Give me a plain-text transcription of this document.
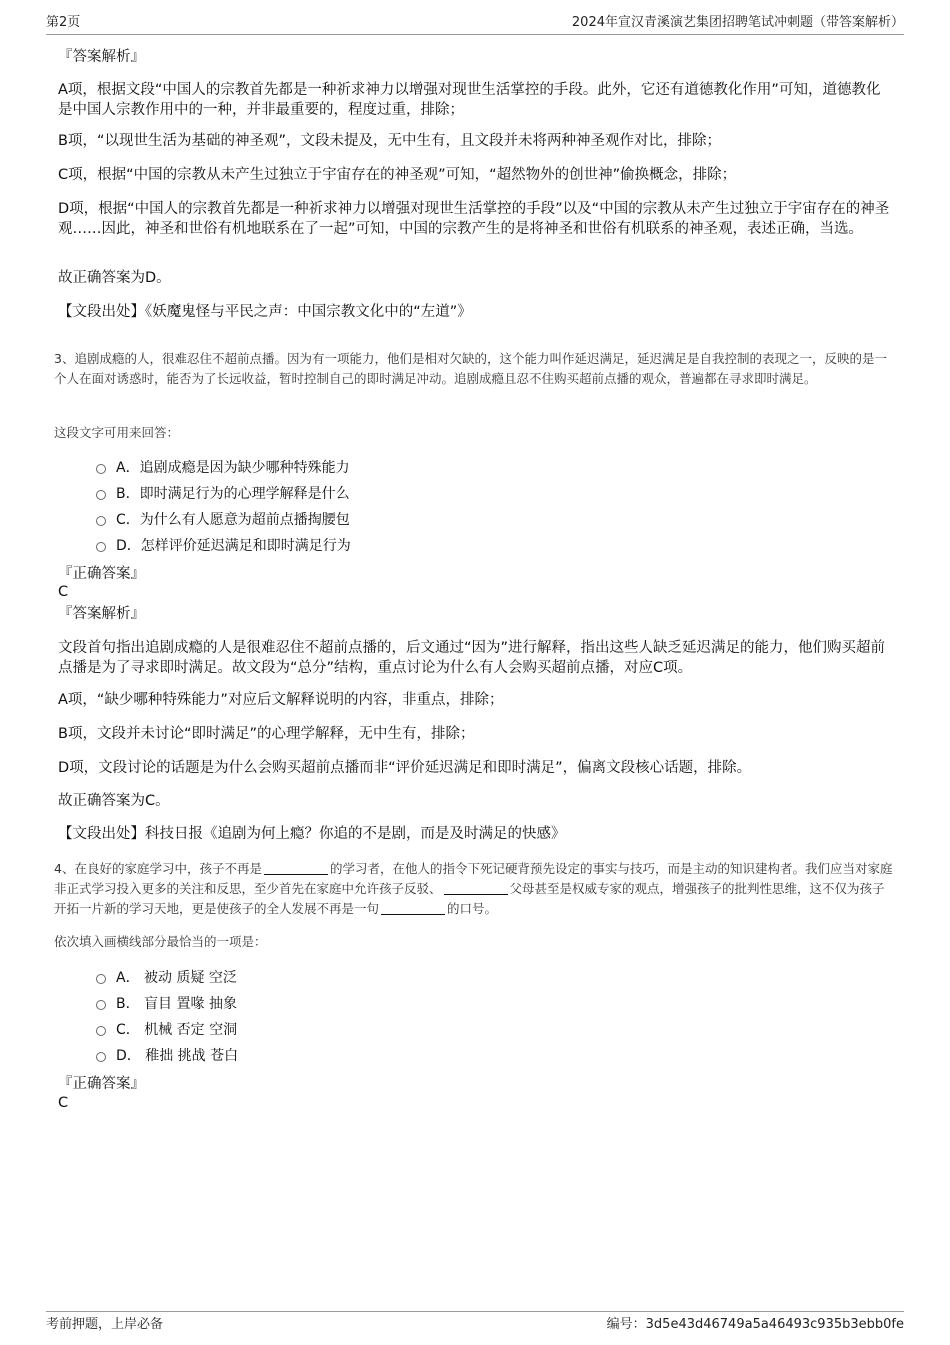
第2页	2024年宣汉青溪演艺集团招聘笔试冲刺题（带答案解析）
『答案解析』
A项，根据文段“中国人的宗教首先都是一种祈求神力以增强对现世生活掌控的手段。此外，它还有道德教化作用”可知，道德教化是中国人宗教作用中的一种，并非最重要的，程度过重，排除；
B项，“以现世生活为基础的神圣观”，文段未提及，无中生有，且文段并未将两种神圣观作对比，排除；
C项，根据“中国的宗教从未产生过独立于宇宙存在的神圣观”可知，“超然物外的创世神”偷换概念，排除；
D项，根据“中国人的宗教首先都是一种祈求神力以增强对现世生活掌控的手段”以及“中国的宗教从未产生过独立于宇宙存在的神圣观……因此，神圣和世俗有机地联系在了一起”可知，中国的宗教产生的是将神圣和世俗有机联系的神圣观，表述正确，当选。
故正确答案为D。
【文段出处】《妖魔鬼怪与平民之声：中国宗教文化中的“左道”》
3、追剧成瘾的人，很难忍住不超前点播。因为有一项能力，他们是相对欠缺的，这个能力叫作延迟满足，延迟满足是自我控制的表现之一，反映的是一个人在面对诱惑时，能否为了长远收益，暂时控制自己的即时满足冲动。追剧成瘾且忍不住购买超前点播的观众，普遍都在寻求即时满足。
这段文字可用来回答：
A．追剧成瘾是因为缺少哪种特殊能力
B．即时满足行为的心理学解释是什么
C．为什么有人愿意为超前点播掏腰包
D．怎样评价延迟满足和即时满足行为
『正确答案』
C
『答案解析』
文段首句指出追剧成瘾的人是很难忍住不超前点播的，后文通过“因为”进行解释，指出这些人缺乏延迟满足的能力，他们购买超前点播是为了寻求即时满足。故文段为“总分”结构，重点讨论为什么有人会购买超前点播，对应C项。
A项，“缺少哪种特殊能力”对应后文解释说明的内容，非重点，排除；
B项，文段并未讨论“即时满足”的心理学解释，无中生有，排除；
D项，文段讨论的话题是为什么会购买超前点播而非“评价延迟满足和即时满足”，偏离文段核心话题，排除。
故正确答案为C。
【文段出处】科技日报《追剧为何上瘾？你追的不是剧，而是及时满足的快感》
4、在良好的家庭学习中，孩子不再是	的学习者，在他人的指令下死记硬背预先设定的事实与技巧，而是主动的知识建构者。我们应当对家庭非正式学习投入更多的关注和反思，至少首先在家庭中允许孩子反驳、	父母甚至是权威专家的观点，增强孩子的批判性思维，这不仅为孩子开拓一片新的学习天地，更是使孩子的全人发展不再是一句	的口号。
依次填入画横线部分最恰当的一项是：
A． 被动 质疑 空泛
B． 盲目 置喙 抽象
C． 机械 否定 空洞
D． 稚拙 挑战 苍白
『正确答案』
C
考前押题，上岸必备	编号：3d5e43d46749a5a46493c935b3ebb0fe
